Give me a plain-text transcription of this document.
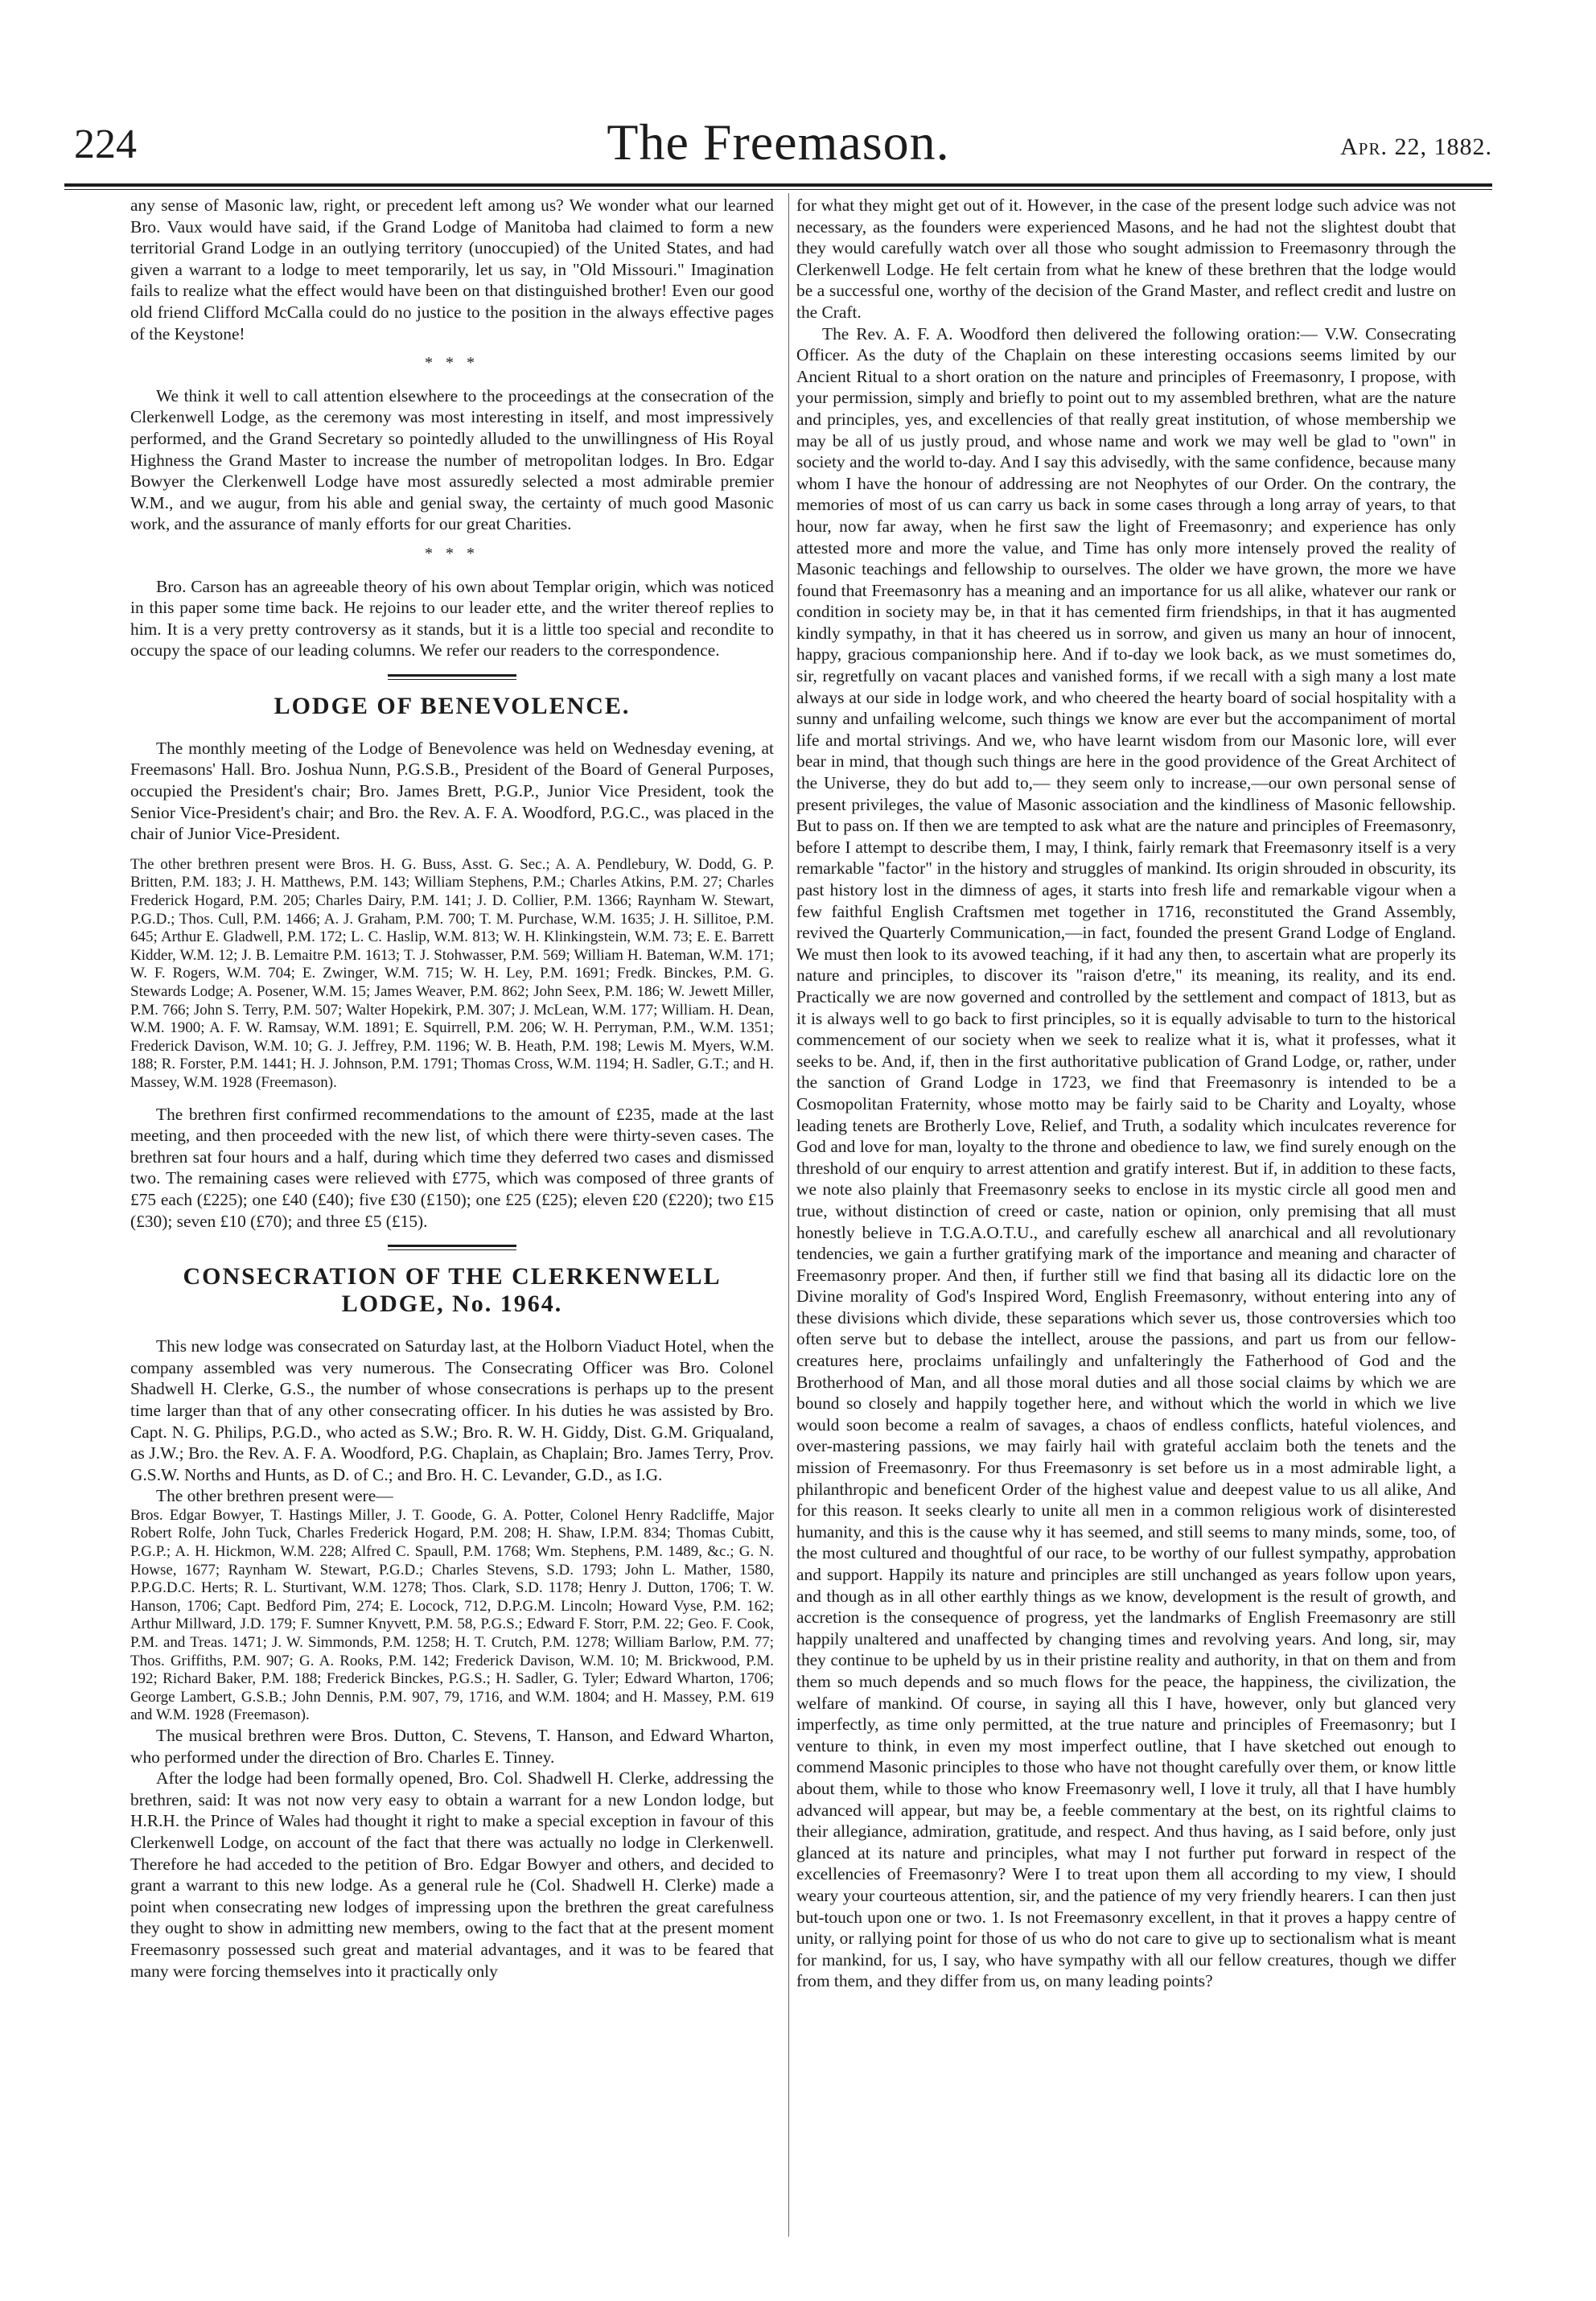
224	The Freemason.	Apr. 22, 1882.

any sense of Masonic law, right, or precedent left among us? We wonder what our learned Bro. Vaux would have said, if the Grand Lodge of Manitoba had claimed to form a new territorial Grand Lodge in an outlying territory (unoccupied) of the United States, and had given a warrant to a lodge to meet temporarily, let us say, in "Old Missouri." Imagination fails to realize what the effect would have been on that distinguished brother! Even our good old friend Clifford McCalla could do no justice to the position in the always effective pages of the Keystone!

* * *

We think it well to call attention elsewhere to the proceedings at the consecration of the Clerkenwell Lodge, as the ceremony was most interesting in itself, and most impressively performed, and the Grand Secretary so pointedly alluded to the unwillingness of His Royal Highness the Grand Master to increase the number of metropolitan lodges. In Bro. Edgar Bowyer the Clerkenwell Lodge have most assuredly selected a most admirable premier W.M., and we augur, from his able and genial sway, the certainty of much good Masonic work, and the assurance of manly efforts for our great Charities.

* * *

Bro. Carson has an agreeable theory of his own about Templar origin, which was noticed in this paper some time back. He rejoins to our leader ette, and the writer thereof replies to him. It is a very pretty controversy as it stands, but it is a little too special and recondite to occupy the space of our leading columns. We refer our readers to the correspondence.

LODGE OF BENEVOLENCE.

The monthly meeting of the Lodge of Benevolence was held on Wednesday evening, at Freemasons' Hall. Bro. Joshua Nunn, P.G.S.B., President of the Board of General Purposes, occupied the President's chair; Bro. James Brett, P.G.P., Junior Vice President, took the Senior Vice-President's chair; and Bro. the Rev. A. F. A. Woodford, P.G.C., was placed in the chair of Junior Vice-President.

The other brethren present were Bros. H. G. Buss, Asst. G. Sec.; A. A. Pendlebury, W. Dodd, G. P. Britten, P.M. 183; J. H. Matthews, P.M. 143; William Stephens, P.M.; Charles Atkins, P.M. 27; Charles Frederick Hogard, P.M. 205; Charles Dairy, P.M. 141; J. D. Collier, P.M. 1366; Raynham W. Stewart, P.G.D.; Thos. Cull, P.M. 1466; A. J. Graham, P.M. 700; T. M. Purchase, W.M. 1635; J. H. Sillitoe, P.M. 645; Arthur E. Gladwell, P.M. 172; L. C. Haslip, W.M. 813; W. H. Klinkingstein, W.M. 73; E. E. Barrett Kidder, W.M. 12; J. B. Lemaitre P.M. 1613; T. J. Stohwasser, P.M. 569; William H. Bateman, W.M. 171; W. F. Rogers, W.M. 704; E. Zwinger, W.M. 715; W. H. Ley, P.M. 1691; Fredk. Binckes, P.M. G. Stewards Lodge; A. Posener, W.M. 15; James Weaver, P.M. 862; John Seex, P.M. 186; W. Jewett Miller, P.M. 766; John S. Terry, P.M. 507; Walter Hopekirk, P.M. 307; J. McLean, W.M. 177; William. H. Dean, W.M. 1900; A. F. W. Ramsay, W.M. 1891; E. Squirrell, P.M. 206; W. H. Perryman, P.M., W.M. 1351; Frederick Davison, W.M. 10; G. J. Jeffrey, P.M. 1196; W. B. Heath, P.M. 198; Lewis M. Myers, W.M. 188; R. Forster, P.M. 1441; H. J. Johnson, P.M. 1791; Thomas Cross, W.M. 1194; H. Sadler, G.T.; and H. Massey, W.M. 1928 (Freemason).

The brethren first confirmed recommendations to the amount of £235, made at the last meeting, and then proceeded with the new list, of which there were thirty-seven cases. The brethren sat four hours and a half, during which time they deferred two cases and dismissed two. The remaining cases were relieved with £775, which was composed of three grants of £75 each (£225); one £40 (£40); five £30 (£150); one £25 (£25); eleven £20 (£220); two £15 (£30); seven £10 (£70); and three £5 (£15).

CONSECRATION OF THE CLERKENWELL
LODGE, No. 1964.

This new lodge was consecrated on Saturday last, at the Holborn Viaduct Hotel, when the company assembled was very numerous. The Consecrating Officer was Bro. Colonel Shadwell H. Clerke, G.S., the number of whose consecrations is perhaps up to the present time larger than that of any other consecrating officer. In his duties he was assisted by Bro. Capt. N. G. Philips, P.G.D., who acted as S.W.; Bro. R. W. H. Giddy, Dist. G.M. Griqualand, as J.W.; Bro. the Rev. A. F. A. Woodford, P.G. Chaplain, as Chaplain; Bro. James Terry, Prov. G.S.W. Norths and Hunts, as D. of C.; and Bro. H. C. Levander, G.D., as I.G.

The other brethren present were—

Bros. Edgar Bowyer, T. Hastings Miller, J. T. Goode, G. A. Potter, Colonel Henry Radcliffe, Major Robert Rolfe, John Tuck, Charles Frederick Hogard, P.M. 208; H. Shaw, I.P.M. 834; Thomas Cubitt, P.G.P.; A. H. Hickmon, W.M. 228; Alfred C. Spaull, P.M. 1768; Wm. Stephens, P.M. 1489, &c.; G. N. Howse, 1677; Raynham W. Stewart, P.G.D.; Charles Stevens, S.D. 1793; John L. Mather, 1580, P.P.G.D.C. Herts; R. L. Sturtivant, W.M. 1278; Thos. Clark, S.D. 1178; Henry J. Dutton, 1706; T. W. Hanson, 1706; Capt. Bedford Pim, 274; E. Locock, 712, D.P.G.M. Lincoln; Howard Vyse, P.M. 162; Arthur Millward, J.D. 179; F. Sumner Knyvett, P.M. 58, P.G.S.; Edward F. Storr, P.M. 22; Geo. F. Cook, P.M. and Treas. 1471; J. W. Simmonds, P.M. 1258; H. T. Crutch, P.M. 1278; William Barlow, P.M. 77; Thos. Griffiths, P.M. 907; G. A. Rooks, P.M. 142; Frederick Davison, W.M. 10; M. Brickwood, P.M. 192; Richard Baker, P.M. 188; Frederick Binckes, P.G.S.; H. Sadler, G. Tyler; Edward Wharton, 1706; George Lambert, G.S.B.; John Dennis, P.M. 907, 79, 1716, and W.M. 1804; and H. Massey, P.M. 619 and W.M. 1928 (Freemason).

The musical brethren were Bros. Dutton, C. Stevens, T. Hanson, and Edward Wharton, who performed under the direction of Bro. Charles E. Tinney.

After the lodge had been formally opened, Bro. Col. Shadwell H. Clerke, addressing the brethren, said: It was not now very easy to obtain a warrant for a new London lodge, but H.R.H. the Prince of Wales had thought it right to make a special exception in favour of this Clerkenwell Lodge, on account of the fact that there was actually no lodge in Clerkenwell. Therefore he had acceded to the petition of Bro. Edgar Bowyer and others, and decided to grant a warrant to this new lodge. As a general rule he (Col. Shadwell H. Clerke) made a point when consecrating new lodges of impressing upon the brethren the great carefulness they ought to show in admitting new members, owing to the fact that at the present moment Freemasonry possessed such great and material advantages, and it was to be feared that many were forcing themselves into it practically only

for what they might get out of it. However, in the case of the present lodge such advice was not necessary, as the founders were experienced Masons, and he had not the slightest doubt that they would carefully watch over all those who sought admission to Freemasonry through the Clerkenwell Lodge. He felt certain from what he knew of these brethren that the lodge would be a successful one, worthy of the decision of the Grand Master, and reflect credit and lustre on the Craft.

The Rev. A. F. A. Woodford then delivered the following oration:— V.W. Consecrating Officer. As the duty of the Chaplain on these interesting occasions seems limited by our Ancient Ritual to a short oration on the nature and principles of Freemasonry, I propose, with your permission, simply and briefly to point out to my assembled brethren, what are the nature and principles, yes, and excellencies of that really great institution, of whose membership we may be all of us justly proud, and whose name and work we may well be glad to "own" in society and the world to-day. And I say this advisedly, with the same confidence, because many whom I have the honour of addressing are not Neophytes of our Order. On the contrary, the memories of most of us can carry us back in some cases through a long array of years, to that hour, now far away, when he first saw the light of Freemasonry; and experience has only attested more and more the value, and Time has only more intensely proved the reality of Masonic teachings and fellowship to ourselves. The older we have grown, the more we have found that Freemasonry has a meaning and an importance for us all alike, whatever our rank or condition in society may be, in that it has cemented firm friendships, in that it has augmented kindly sympathy, in that it has cheered us in sorrow, and given us many an hour of innocent, happy, gracious companionship here. And if to-day we look back, as we must sometimes do, sir, regretfully on vacant places and vanished forms, if we recall with a sigh many a lost mate always at our side in lodge work, and who cheered the hearty board of social hospitality with a sunny and unfailing welcome, such things we know are ever but the accompaniment of mortal life and mortal strivings. And we, who have learnt wisdom from our Masonic lore, will ever bear in mind, that though such things are here in the good providence of the Great Architect of the Universe, they do but add to,— they seem only to increase,—our own personal sense of present privileges, the value of Masonic association and the kindliness of Masonic fellowship. But to pass on. If then we are tempted to ask what are the nature and principles of Freemasonry, before I attempt to describe them, I may, I think, fairly remark that Freemasonry itself is a very remarkable "factor" in the history and struggles of mankind. Its origin shrouded in obscurity, its past history lost in the dimness of ages, it starts into fresh life and remarkable vigour when a few faithful English Craftsmen met together in 1716, reconstituted the Grand Assembly, revived the Quarterly Communication,—in fact, founded the present Grand Lodge of England. We must then look to its avowed teaching, if it had any then, to ascertain what are properly its nature and principles, to discover its "raison d'etre," its meaning, its reality, and its end. Practically we are now governed and controlled by the settlement and compact of 1813, but as it is always well to go back to first principles, so it is equally advisable to turn to the historical commencement of our society when we seek to realize what it is, what it professes, what it seeks to be. And, if, then in the first authoritative publication of Grand Lodge, or, rather, under the sanction of Grand Lodge in 1723, we find that Freemasonry is intended to be a Cosmopolitan Fraternity, whose motto may be fairly said to be Charity and Loyalty, whose leading tenets are Brotherly Love, Relief, and Truth, a sodality which inculcates reverence for God and love for man, loyalty to the throne and obedience to law, we find surely enough on the threshold of our enquiry to arrest attention and gratify interest. But if, in addition to these facts, we note also plainly that Freemasonry seeks to enclose in its mystic circle all good men and true, without distinction of creed or caste, nation or opinion, only premising that all must honestly believe in T.G.A.O.T.U., and carefully eschew all anarchical and all revolutionary tendencies, we gain a further gratifying mark of the importance and meaning and character of Freemasonry proper. And then, if further still we find that basing all its didactic lore on the Divine morality of God's Inspired Word, English Freemasonry, without entering into any of these divisions which divide, these separations which sever us, those controversies which too often serve but to debase the intellect, arouse the passions, and part us from our fellow-creatures here, proclaims unfailingly and unfalteringly the Fatherhood of God and the Brotherhood of Man, and all those moral duties and all those social claims by which we are bound so closely and happily together here, and without which the world in which we live would soon become a realm of savages, a chaos of endless conflicts, hateful violences, and over-mastering passions, we may fairly hail with grateful acclaim both the tenets and the mission of Freemasonry. For thus Freemasonry is set before us in a most admirable light, a philanthropic and beneficent Order of the highest value and deepest value to us all alike, And for this reason. It seeks clearly to unite all men in a common religious work of disinterested humanity, and this is the cause why it has seemed, and still seems to many minds, some, too, of the most cultured and thoughtful of our race, to be worthy of our fullest sympathy, approbation and support. Happily its nature and principles are still unchanged as years follow upon years, and though as in all other earthly things as we know, development is the result of growth, and accretion is the consequence of progress, yet the landmarks of English Freemasonry are still happily unaltered and unaffected by changing times and revolving years. And long, sir, may they continue to be upheld by us in their pristine reality and authority, in that on them and from them so much depends and so much flows for the peace, the happiness, the civilization, the welfare of mankind. Of course, in saying all this I have, however, only but glanced very imperfectly, as time only permitted, at the true nature and principles of Freemasonry; but I venture to think, in even my most imperfect outline, that I have sketched out enough to commend Masonic principles to those who have not thought carefully over them, or know little about them, while to those who know Freemasonry well, I love it truly, all that I have humbly advanced will appear, but may be, a feeble commentary at the best, on its rightful claims to their allegiance, admiration, gratitude, and respect. And thus having, as I said before, only just glanced at its nature and principles, what may I not further put forward in respect of the excellencies of Freemasonry? Were I to treat upon them all according to my view, I should weary your courteous attention, sir, and the patience of my very friendly hearers. I can then just but-touch upon one or two. 1. Is not Freemasonry excellent, in that it proves a happy centre of unity, or rallying point for those of us who do not care to give up to sectionalism what is meant for mankind, for us, I say, who have sympathy with all our fellow creatures, though we differ from them, and they differ from us, on many leading points?
